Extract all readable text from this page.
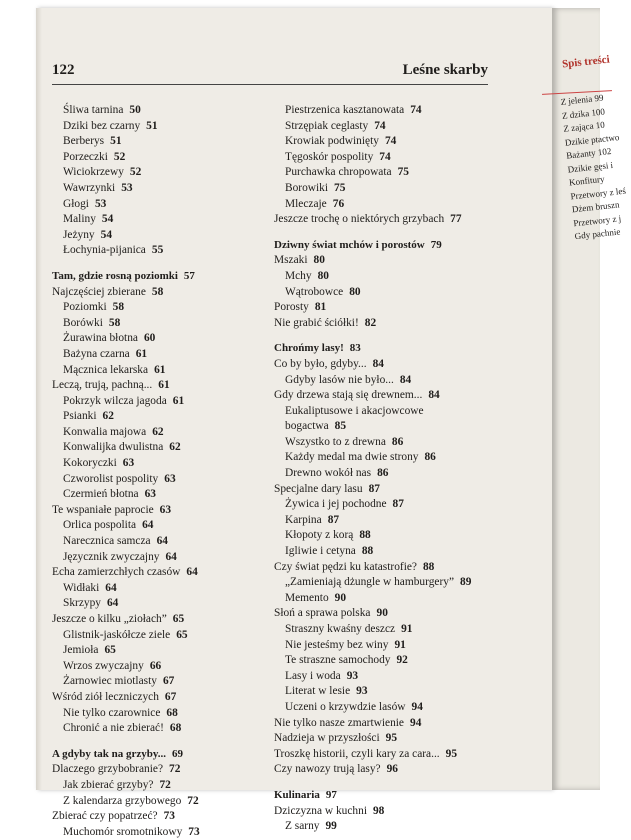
122	Leśne skarby
Śliwa tarnina 50
Dziki bez czarny 51
Berberys 51
Porzeczki 52
Wiciokrzewy 52
Wawrzynki 53
Głogi 53
Maliny 54
Jeżyny 54
Łochynia-pijanica 55
Tam, gdzie rosną poziomki 57
Najczęściej zbierane 58
Poziomki 58
Borówki 58
Żurawina błotna 60
Bażyna czarna 61
Mącznica lekarska 61
Leczą, trują, pachną... 61
Pokrzyk wilcza jagoda 61
Psianki 62
Konwalia majowa 62
Konwalijka dwulistna 62
Kokoryczki 63
Czworolist pospolity 63
Czermień błotna 63
Te wspaniałe paprocie 63
Orlica pospolita 64
Narecznica samcza 64
Języcznik zwyczajny 64
Echa zamierzchłych czasów 64
Widłaki 64
Skrzypy 64
Jeszcze o kilku „ziołach” 65
Glistnik-jaskółcze ziele 65
Jemioła 65
Wrzos zwyczajny 66
Żarnowiec miotlasty 67
Wśród ziół leczniczych 67
Nie tylko czarownice 68
Chronić a nie zbierać! 68
A gdyby tak na grzyby... 69
Dlaczego grzybobranie? 72
Jak zbierać grzyby? 72
Z kalendarza grzybowego 72
Zbierać czy popatrzeć? 73
Muchomór sromotnikowy 73
Piestrzenica kasztanowata 74
Strzępiak ceglasty 74
Krowiak podwinięty 74
Tęgoskór pospolity 74
Purchawka chropowata 75
Borowiki 75
Mleczaje 76
Jeszcze trochę o niektórych grzybach 77
Dziwny świat mchów i porostów 79
Mszaki 80
Mchy 80
Wątrobowce 80
Porosty 81
Nie grabić ściółki! 82
Chrońmy lasy! 83
Co by było, gdyby... 84
Gdyby lasów nie było... 84
Gdy drzewa stają się drewnem... 84
Eukaliptusowe i akacjowcowe
bogactwa 85
Wszystko to z drewna 86
Każdy medal ma dwie strony 86
Drewno wokół nas 86
Specjalne dary lasu 87
Żywica i jej pochodne 87
Karpina 87
Kłopoty z korą 88
Igliwie i cetyna 88
Czy świat pędzi ku katastrofie? 88
„Zamieniają dżungle w hamburgery” 89
Memento 90
Słoń a sprawa polska 90
Straszny kwaśny deszcz 91
Nie jesteśmy bez winy 91
Te straszne samochody 92
Lasy i woda 93
Literat w lesie 93
Uczeni o krzywdzie lasów 94
Nie tylko nasze zmartwienie 94
Nadzieja w przyszłości 95
Troszkę historii, czyli kary za cara... 95
Czy nawozy trują lasy? 96
Kulinaria 97
Dziczyzna w kuchni 98
Z sarny 99
Spis treści
Z jelenia 99
Z dzika 100
Z zająca 10
Dzikie ptactwo
Bażanty 102
Dzikie gęsi i
Konfitury
Przetwory z leś
Dżem bruszn
Przetwory z j
Gdy pachnie
